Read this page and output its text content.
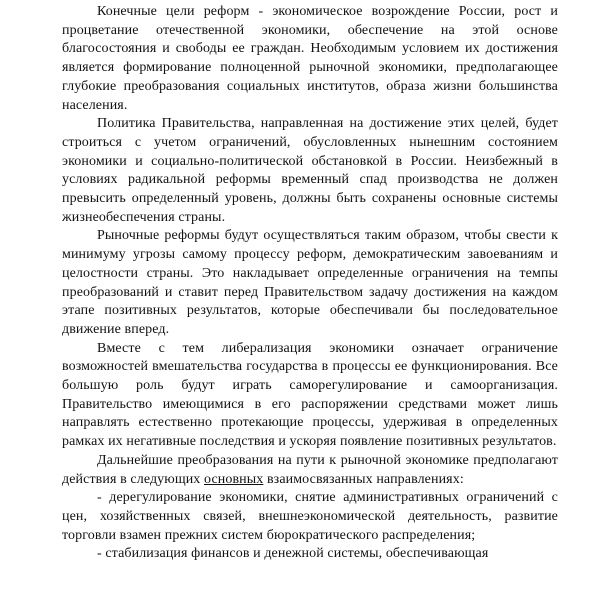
Конечные цели реформ - экономическое возрождение России, рост и процветание отечественной экономики, обеспечение на этой основе благосостояния и свободы ее граждан. Необходимым условием их достижения является формирование полноценной рыночной экономики, предполагающее глубокие преобразования социальных институтов, образа жизни большинства населения.

Политика Правительства, направленная на достижение этих целей, будет строиться с учетом ограничений, обусловленных нынешним состоянием экономики и социально-политической обстановкой в России. Неизбежный в условиях радикальной реформы временный спад производства не должен превысить определенный уровень, должны быть сохранены основные системы жизнеобеспечения страны.

Рыночные реформы будут осуществляться таким образом, чтобы свести к минимуму угрозы самому процессу реформ, демократическим завоеваниям и целостности страны. Это накладывает определенные ограничения на темпы преобразований и ставит перед Правительством задачу достижения на каждом этапе позитивных результатов, которые обеспечивали бы последовательное движение вперед.

Вместе с тем либерализация экономики означает ограничение возможностей вмешательства государства в процессы ее функционирования. Все большую роль будут играть саморегулирование и самоорганизация. Правительство имеющимися в его распоряжении средствами может лишь направлять естественно протекающие процессы, удерживая в определенных рамках их негативные последствия и ускоряя появление позитивных результатов.

Дальнейшие преобразования на пути к рыночной экономике предполагают действия в следующих основных взаимосвязанных направлениях:

- дерегулирование экономики, снятие административных ограничений с цен, хозяйственных связей, внешнеэкономической деятельность, развитие торговли взамен прежних систем бюрократического распределения;

- стабилизация финансов и денежной системы, обеспечивающая
